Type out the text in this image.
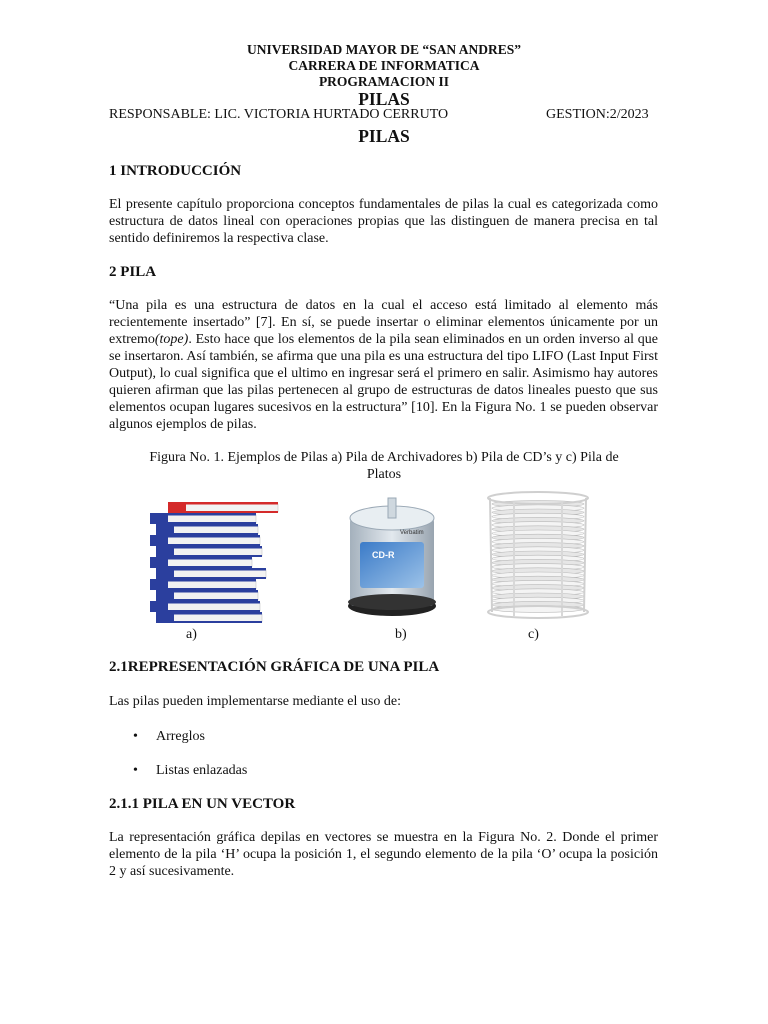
UNIVERSIDAD MAYOR DE “SAN ANDRES”
CARRERA DE INFORMATICA
PROGRAMACION II
PILAS
RESPONSABLE: LIC. VICTORIA HURTADO CERRUTO	GESTION:2/2023
PILAS
1 INTRODUCCIÓN

El presente capítulo proporciona conceptos fundamentales de pilas la cual es categorizada como estructura de datos lineal con operaciones propias que las distinguen de manera precisa en tal sentido definiremos la respectiva clase.

2 PILA

“Una pila es una estructura de datos en la cual el acceso está limitado al elemento más recientemente insertado” [7]. En sí, se puede insertar o eliminar elementos únicamente por un extremo(tope). Esto hace que los elementos de la pila sean eliminados en un orden inverso al que se insertaron. Así también, se afirma que una pila es una estructura del tipo LIFO (Last Input First Output), lo cual significa que el ultimo en ingresar será el primero en salir. Asimismo hay autores quieren afirman que las pilas pertenecen al grupo de estructuras de datos lineales puesto que sus elementos ocupan lugares sucesivos en la estructura” [10]. En la Figura No. 1 se pueden observar algunos ejemplos de pilas.

Figura No. 1. Ejemplos de Pilas a) Pila de Archivadores b) Pila de CD’s y c) Pila de
Platos
CD-R
Verbatim
a)	b)	c)
2.1REPRESENTACIÓN GRÁFICA DE UNA PILA
Las pilas pueden implementarse mediante el uso de:
• Arreglos
• Listas enlazadas
2.1.1 PILA EN UN VECTOR

La representación gráfica depilas en vectores se muestra en la Figura No. 2. Donde el primer elemento de la pila ‘H’ ocupa la posición 1, el segundo elemento de la pila ‘O’ ocupa la posición 2 y así sucesivamente.
